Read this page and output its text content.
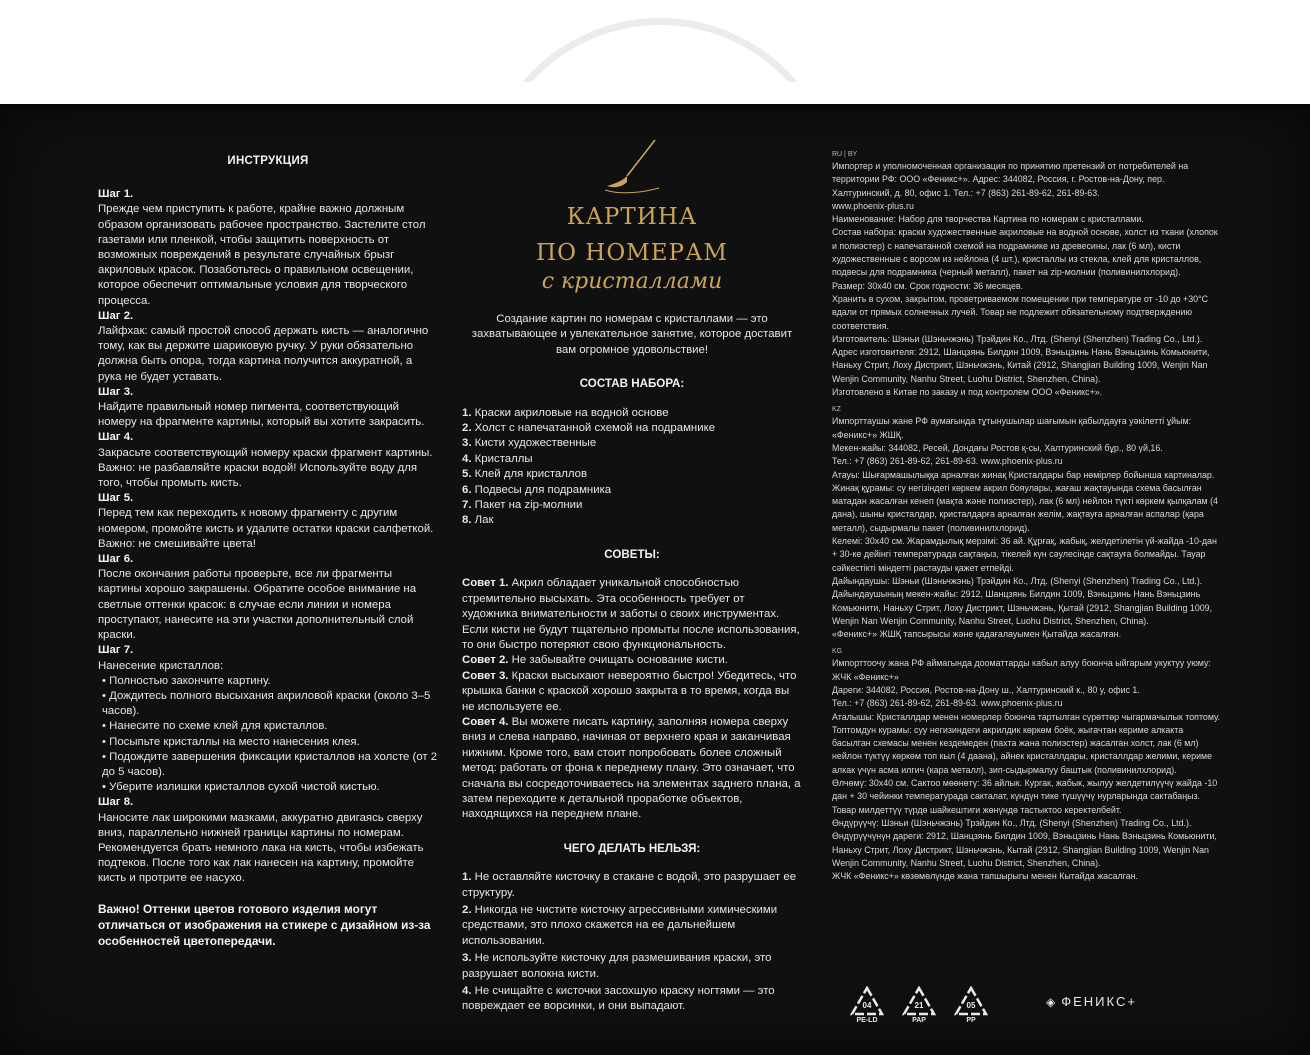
ИНСТРУКЦИЯ
Шаг 1.

Прежде чем приступить к работе, крайне важно должным образом организовать рабочее пространство. Застелите стол газетами или пленкой, чтобы защитить поверхность от возможных повреждений в результате случайных брызг акриловых красок. Позаботьтесь о правильном освещении, которое обеспечит оптимальные условия для творческого процесса.

Шаг 2.

Лайфхак: самый простой способ держать кисть — аналогично тому, как вы держите шариковую ручку. У руки обязательно должна быть опора, тогда картина получится аккуратной, а рука не будет уставать.

Шаг 3.

Найдите правильный номер пигмента, соответствующий номеру на фрагменте картины, который вы хотите закрасить.

Шаг 4.

Закрасьте соответствующий номеру краски фрагмент картины. Важно: не разбавляйте краски водой! Используйте воду для того, чтобы промыть кисть.

Шаг 5.

Перед тем как переходить к новому фрагменту с другим номером, промойте кисть и удалите остатки краски салфеткой. Важно: не смешивайте цвета!

Шаг 6.

После окончания работы проверьте, все ли фрагменты картины хорошо закрашены. Обратите особое внимание на светлые оттенки красок: в случае если линии и номера проступают, нанесите на эти участки дополнительный слой краски.

Шаг 7.

Нанесение кристаллов:

• Полностью закончите картину.
• Дождитесь полного высыхания акриловой краски (около 3–5 часов).
• Нанесите по схеме клей для кристаллов.
• Посыпьте кристаллы на место нанесения клея.
• Подождите завершения фиксации кристаллов на холсте (от 2 до 5 часов).
• Уберите излишки кристаллов сухой чистой кистью.
Шаг 8.

Наносите лак широкими мазками, аккуратно двигаясь сверху вниз, параллельно нижней границы картины по номерам. Рекомендуется брать немного лака на кисть, чтобы избежать подтеков. После того как лак нанесен на картину, промойте кисть и протрите ее насухо.

Важно! Оттенки цветов готового изделия могут отличаться от изображения на стикере с дизайном из-за особенностей цветопередачи.
КАРТИНА
ПО НОМЕРАМ
с кристаллами
Создание картин по номерам с кристаллами — это захватывающее и увлекательное занятие, которое доставит вам огромное удовольствие!
СОСТАВ НАБОРА:
1. Краски акриловые на водной основе
2. Холст с напечатанной схемой на подрамнике
3. Кисти художественные
4. Кристаллы
5. Клей для кристаллов
6. Подвесы для подрамника
7. Пакет на zip-молнии
8. Лак
СОВЕТЫ:
Совет 1. Акрил обладает уникальной способностью стремительно высыхать. Эта особенность требует от художника внимательности и заботы о своих инструментах. Если кисти не будут тщательно промыты после использования, то они быстро потеряют свою функциональность.
Совет 2. Не забывайте очищать основание кисти.
Совет 3. Краски высыхают невероятно быстро! Убедитесь, что крышка банки с краской хорошо закрыта в то время, когда вы не используете ее.
Совет 4. Вы можете писать картину, заполняя номера сверху вниз и слева направо, начиная от верхнего края и заканчивая нижним. Кроме того, вам стоит попробовать более сложный метод: работать от фона к переднему плану. Это означает, что сначала вы сосредоточиваетесь на элементах заднего плана, а затем переходите к детальной проработке объектов, находящихся на переднем плане.
ЧЕГО ДЕЛАТЬ НЕЛЬЗЯ:
1. Не оставляйте кисточку в стакане с водой, это разрушает ее структуру.
2. Никогда не чистите кисточку агрессивными химическими средствами, это плохо скажется на ее дальнейшем использовании.
3. Не используйте кисточку для размешивания краски, это разрушает волокна кисти.
4. Не счищайте с кисточки засохшую краску ногтями — это повреждает ее ворсинки, и они выпадают.
RU | BY

Импортер и уполномоченная организация по принятию претензий от потребителей на территории РФ: ООО «Феникс+». Адрес: 344082, Россия, г. Ростов-на-Дону, пер. Халтуринский, д. 80, офис 1. Тел.: +7 (863) 261-89-62, 261-89-63.

www.phoenix-plus.ru

Наименование: Набор для творчества Картина по номерам с кристаллами.

Состав набора: краски художественные акриловые на водной основе, холст из ткани (хлопок и полиэстер) с напечатанной схемой на подрамнике из древесины, лак (6 мл), кисти художественные с ворсом из нейлона (4 шт.), кристаллы из стекла, клей для кристаллов, подвесы для подрамника (черный металл), пакет на zip-молнии (поливинилхлорид).

Размер: 30x40 см. Срок годности: 36 месяцев.

Хранить в сухом, закрытом, проветриваемом помещении при температуре от -10 до +30°С вдали от прямых солнечных лучей. Товар не подлежит обязательному подтверждению соответствия.

Изготовитель: Шэньи (Шэньчжэнь) Трэйдин Ко., Лтд. (Shenyi (Shenzhen) Trading Co., Ltd.).

Адрес изготовителя: 2912, Шанцзянь Билдин 1009, Вэньцзинь Нань Вэньцзинь Комьюнити, Наньху Стрит, Лоху Дистрикт, Шэньчжэнь, Китай (2912, Shangjian Building 1009, Wenjin Nan Wenjin Community, Nanhu Street, Luohu District, Shenzhen, China).

Изготовлено в Китае по заказу и под контролем ООО «Феникс+».

KZ

Импорттаушы жане РФ аумағында тұтынушылар шағымын қабылдауға уәкілетті ұйым: «Феникс+» ЖШҚ.

Мекен-жайы: 344082, Ресей, Дондағы Ростов қ-сы, Халтуринский бұр., 80 үй,16.

Тел.: +7 (863) 261-89-62, 261-89-63. www.phoenix-plus.ru

Атауы: Шығармашылыққа арналған жинақ Кристалдары бар нөмірлер бойынша картиналар. Жинақ құрамы: су негізіндегі көркем акрил бояулары, жағаш жақтауында схема басылған матадан жасалған кенеп (мақта және полиэстер), лак (6 мл) нейлон түкті көркем қылқалам (4 дана), шыны кристалдар, кристалдарға арналған желім, жақтауға арналған аспалар (қара металл), сыдырмалы пакет (поливинилхлорид).

Келемі: 30x40 см. Жарамдылық мерзімі: 36 ай. Құрғақ, жабық, желдетілетін үй-жайда -10-дан + 30-ке дейінгі температурада сақтаңыз, тікелей күн сәулесінде сақтауға болмайды. Тауар сәйкестікті міндетті растауды қажет етпейді.

Дайындаушы: Шэньи (Шэньчжэнь) Трэйдин Ко., Лтд. (Shenyi (Shenzhen) Trading Co., Ltd.). Дайындаушының мекен-жайы: 2912, Шанцзянь Билдин 1009, Вэньцзинь Нань Вэньцзинь Комьюнити, Наньху Стрит, Лоху Дистрикт, Шэньчжэнь, Қытай (2912, Shangjian Building 1009, Wenjin Nan Wenjin Community, Nanhu Street, Luohu District, Shenzhen, China).

«Феникс+» ЖШҚ тапсырысы және қадағалауымен Қытайда жасалған.

KG

Импорттоочу жана РФ аймагында дооматтарды кабыл алуу боюнча ыйгарым укуктуу уюму: ЖЧК «Феникс+»

Дареги: 344082, Россия, Ростов-на-Дону ш., Халтуринский к., 80 у, офис 1.

Тел.: +7 (863) 261-89-62, 261-89-63. www.phoenix-plus.ru

Аталышы: Кристаллдар менен номерлер боюнча тартылган сүрөттөр чыгармачылык топтому.

Топтомдун курамы: суу негизиндеги акрилдик көркөм боёк, жыгачтан кериме алкакта басылган схемасы менен кездемеден (пахта жана полиэстер) жасалган холст, лак (6 мл) нейлон түктүү көркөм топ кыл (4 даана), айнек кристаллдары, кристаллдар желими, кериме алкак үчүн асма илгич (кара металл), зип-сыдырмалуу баштык (поливинилхлорид).

Өлчөмү: 30x40 см. Сактоо мөөнөтү: 36 айлык. Кургак, жабык, жылуу желдетилүүчү жайда -10 дан + 30 чейинки температурада сакталат, күндүн тике түшүүчү нурларында сактабаңыз. Товар милдеттүү түрдө шайкештиги жөнүндө тастыктоо керектелбейт.

Өндүрүүчү: Шэньи (Шэньчжэнь) Трэйдин Ко., Лтд. (Shenyi (Shenzhen) Trading Co., Ltd.). Өндүрүүчүнүн дареги: 2912, Шанцзянь Билдин 1009, Вэньцзинь Нань Вэньцзинь Комьюнити, Наньху Стрит, Лоху Дистрикт, Шэньчжэнь, Кытай (2912, Shangjian Building 1009, Wenjin Nan Wenjin Community, Nanhu Street, Luohu District, Shenzhen, China).

ЖЧК «Феникс+» көзөмөлүндө жана тапшырыгы менен Кытайда жасалган.

04
PE-LD
21
PAP
05
PP
◈ ФЕНИКС+
